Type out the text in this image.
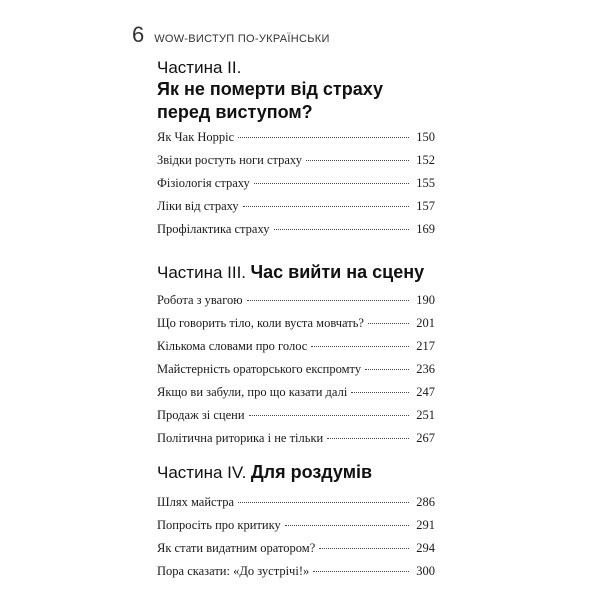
6 WOW-ВИСТУП ПО-УКРАЇНСЬКИ
Частина II.
Як не померти від страху перед виступом?
Як Чак Норріс	150
Звідки ростуть ноги страху	152
Фізіологія страху	155
Ліки від страху	157
Профілактика страху	169
Частина III. Час вийти на сцену
Робота з увагою	190
Що говорить тіло, коли вуста мовчать?	201
Кількома словами про голос	217
Майстерність ораторського експромту	236
Якщо ви забули, про що казати далі	247
Продаж зі сцени	251
Політична риторика і не тільки	267
Частина IV. Для роздумів
Шлях майстра	286
Попросіть про критику	291
Як стати видатним оратором?	294
Пора сказати: «До зустрічі!»	300
